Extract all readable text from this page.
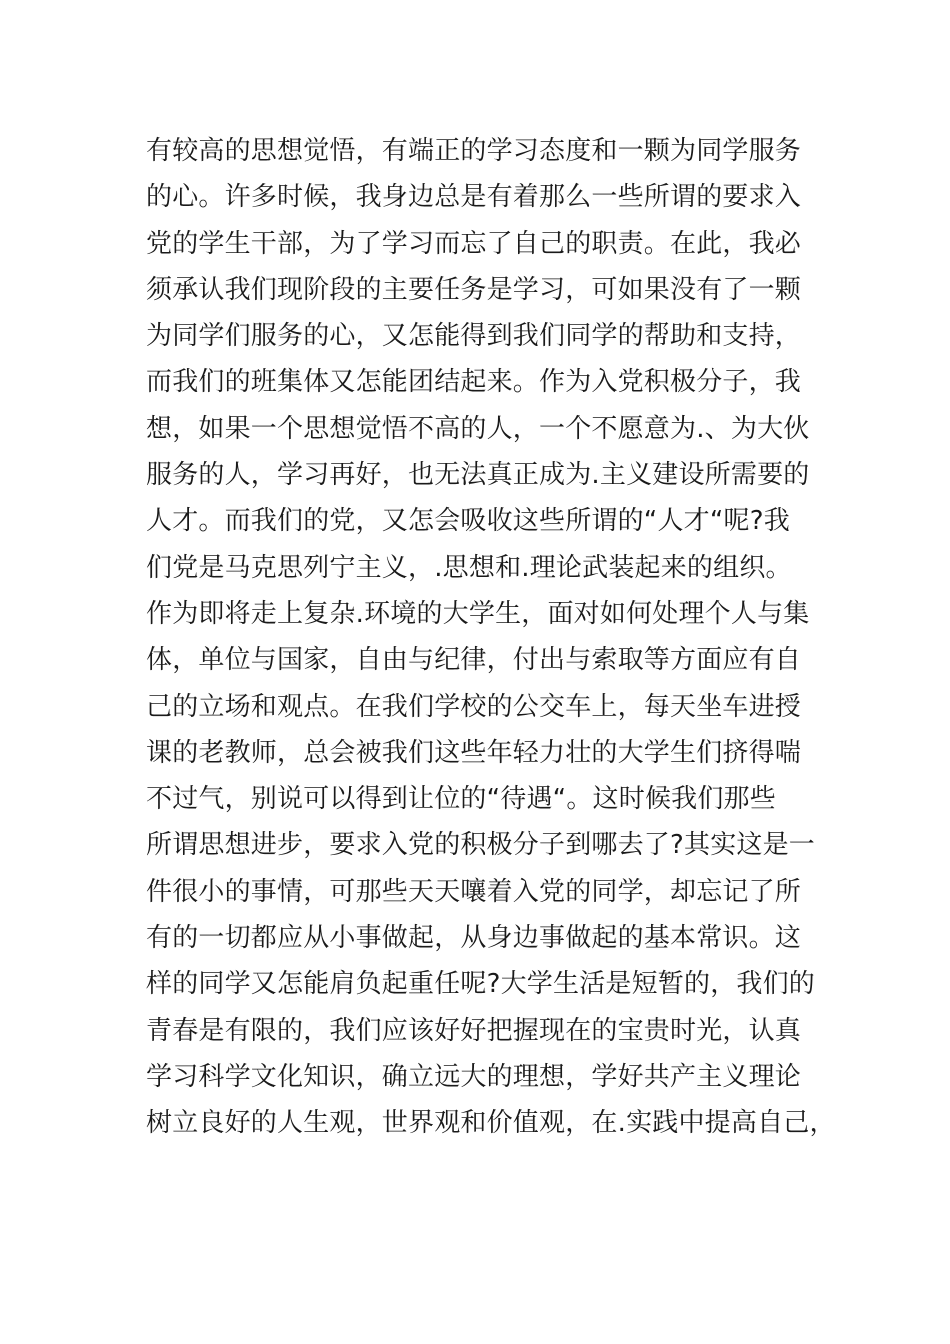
有较高的思想觉悟，有端正的学习态度和一颗为同学服务
的心。许多时候，我身边总是有着那么一些所谓的要求入
党的学生干部，为了学习而忘了自己的职责。在此，我必
须承认我们现阶段的主要任务是学习，可如果没有了一颗
为同学们服务的心，又怎能得到我们同学的帮助和支持，
而我们的班集体又怎能团结起来。作为入党积极分子，我
想，如果一个思想觉悟不高的人，一个不愿意为.、为大伙
服务的人，学习再好，也无法真正成为.主义建设所需要的
人才。而我们的党，又怎会吸收这些所谓的“人才“呢?我
们党是马克思列宁主义，.思想和.理论武装起来的组织。
作为即将走上复杂.环境的大学生，面对如何处理个人与集
体，单位与国家，自由与纪律，付出与索取等方面应有自
己的立场和观点。在我们学校的公交车上，每天坐车进授
课的老教师，总会被我们这些年轻力壮的大学生们挤得喘
不过气，别说可以得到让位的“待遇“。这时候我们那些
所谓思想进步，要求入党的积极分子到哪去了?其实这是一
件很小的事情，可那些天天嚷着入党的同学，却忘记了所
有的一切都应从小事做起，从身边事做起的基本常识。这
样的同学又怎能肩负起重任呢?大学生活是短暂的，我们的
青春是有限的，我们应该好好把握现在的宝贵时光，认真
学习科学文化知识，确立远大的理想，学好共产主义理论
树立良好的人生观，世界观和价值观，在.实践中提高自己，
